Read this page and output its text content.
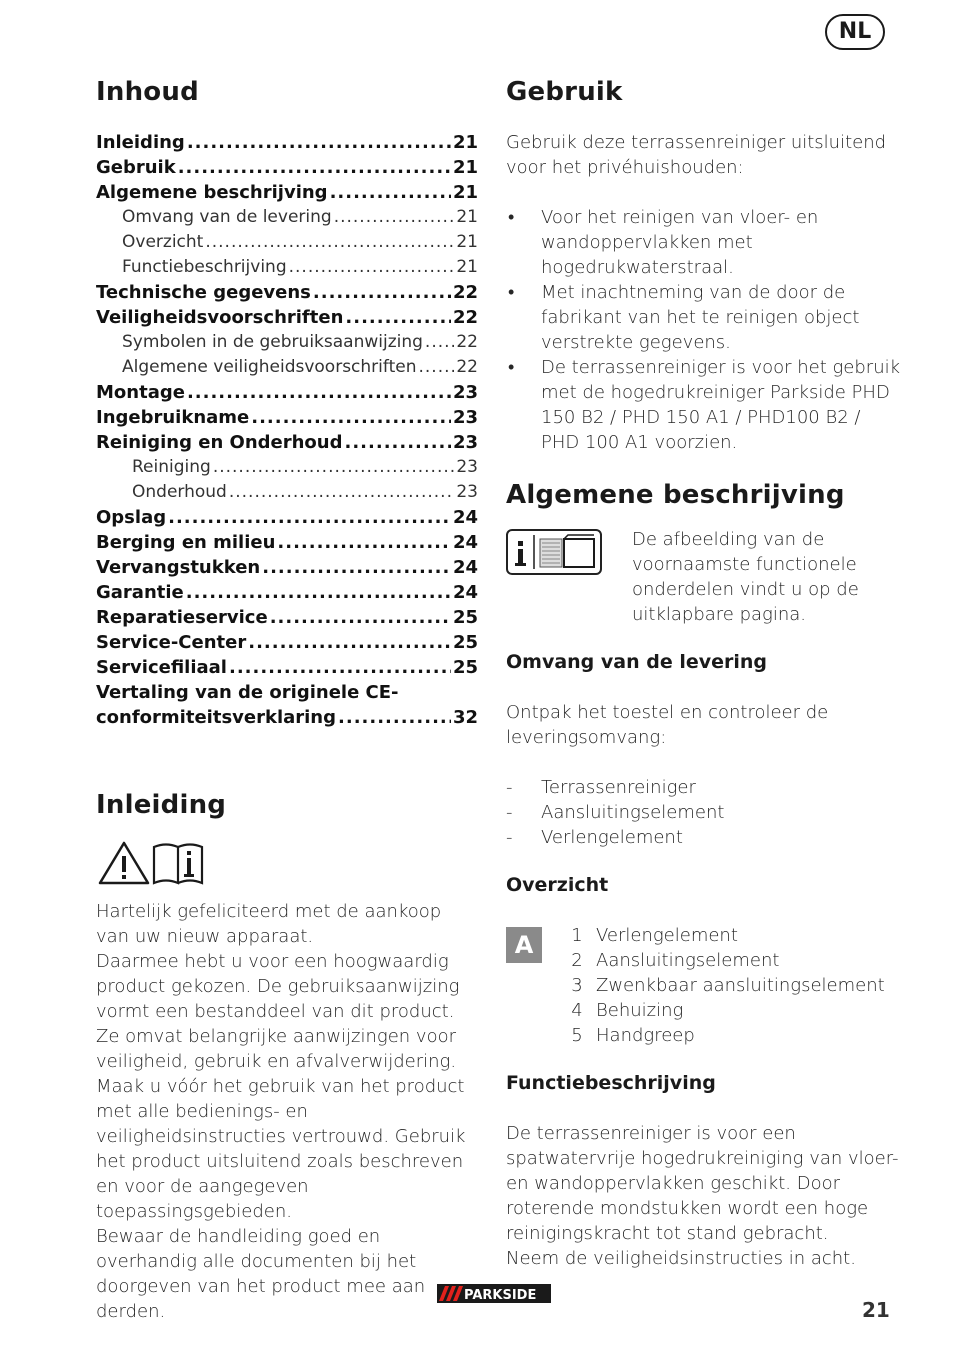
NL
Inhoud
Inleiding .....	21
Gebruik .....	21
Algemene beschrijving .....	21
Omvang van de levering .....	21
Overzicht .....	21
Functiebeschrijving .....	21
Technische gegevens .....	22
Veiligheidsvoorschriften .....	22
Symbolen in de gebruiksaanwijzing ..... 22
Algemene veiligheidsvoorschriften ..... 22
Montage .....	23
Ingebruikname .....	23
Reiniging en Onderhoud .....	23
Reiniging .....	23
Onderhoud .....	23
Opslag .....	24
Berging en milieu .....	24
Vervangstukken .....	24
Garantie .....	24
Reparatieservice .....	25
Service-Center .....	25
Servicefiliaal .....	25
Vertaling van de originele CE-
conformiteitsverklaring .....	32
Inleiding

Hartelijk gefeliciteerd met de aankoop van uw nieuw apparaat.

Daarmee hebt u voor een hoogwaardig product gekozen. De gebruiksaanwijzing vormt een bestanddeel van dit product. Ze omvat belangrijke aanwijzingen voor veiligheid, gebruik en afvalverwijdering. Maak u vóór het gebruik van het product met alle bedienings- en veiligheidsinstructies vertrouwd. Gebruik het product uitsluitend zoals beschreven en voor de aangegeven toepassingsgebieden.

Bewaar de handleiding goed en overhandig alle documenten bij het doorgeven van het product mee aan derden.

Gebruik

Gebruik deze terrassenreiniger uitsluitend voor het privéhuishouden:

• Voor het reinigen van vloer- en wandoppervlakken met hogedrukwaterstraal.
• Met inachtneming van de door de fabrikant van het te reinigen object verstrekte gegevens.
• De terrassenreiniger is voor het gebruik met de hogedrukreiniger Parkside PHD 150 B2 / PHD 150 A1 / PHD100 B2 / PHD 100 A1 voorzien.
Algemene beschrijving

De afbeelding van de voornaamste functionele onderdelen vindt u op de uitklapbare pagina.

Omvang van de levering

Ontpak het toestel en controleer de leveringsomvang:

- Terrassenreiniger
- Aansluitingselement
- Verlengelement
Overzicht
A	1 Verlengelement
2 Aansluitingselement
3 Zwenkbaar aansluitingselement
4 Behuizing
5 Handgreep
Functiebeschrijving

De terrassenreiniger is voor een spatwatervrije hogedrukreiniging van vloer- en wandoppervlakken geschikt. Door roterende mondstukken wordt een hoge reinigingskracht tot stand gebracht.

Neem de veiligheidsinstructies in acht.

PARKSIDE
21
